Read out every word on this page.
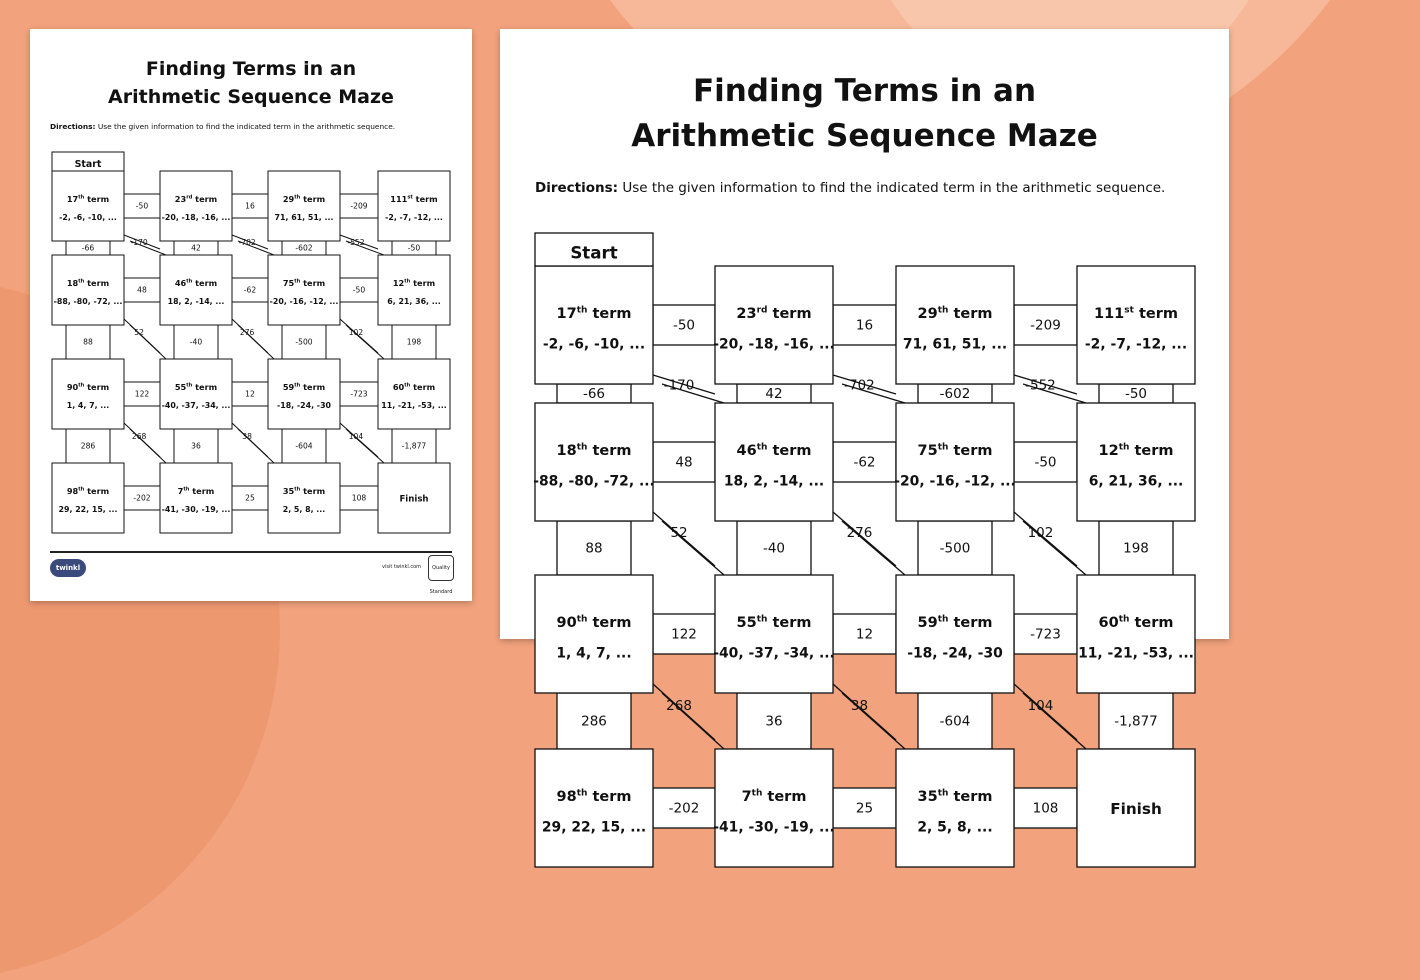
Finding Terms in an
Arithmetic Sequence Maze
Directions: Use the given information to find the indicated term in the arithmetic sequence.
17th term
-2, -6, -10, ...
23rd term
-20, -18, -16, ...
29th term
71, 61, 51, ...
111st term
-2, -7, -12, ...
18th term
-88, -80, -72, ...
46th term
18, 2, -14, ...
75th term
-20, -16, -12, ...
12th term
6, 21, 36, ...
90th term
1, 4, 7, ...
55th term
-40, -37, -34, ...
59th term
-18, -24, -30
60th term
11, -21, -53, ...
98th term
29, 22, 15, ...
7th term
-41, -30, -19, ...
35th term
2, 5, 8, ...
Finish
Start
-50	16	-209
48	-62	-50
122	12	-723
-202	25	108
-66	42	-602	-50
88	-40	-500	198
286	36	-604	-1,877
-170	-702	-552
52	276	102
268	38	104
twinkl	visit twinkl.com	Quality Standard
Finding Terms in an
Arithmetic Sequence Maze
Directions: Use the given information to find the indicated term in the arithmetic sequence.
17th term
-2, -6, -10, ...
23rd term
-20, -18, -16, ...
29th term
71, 61, 51, ...
111st term
-2, -7, -12, ...
18th term
-88, -80, -72, ...
46th term
18, 2, -14, ...
75th term
-20, -16, -12, ...
12th term
6, 21, 36, ...
90th term
1, 4, 7, ...
55th term
-40, -37, -34, ...
59th term
-18, -24, -30
60th term
11, -21, -53, ...
98th term
29, 22, 15, ...
7th term
-41, -30, -19, ...
35th term
2, 5, 8, ...
Finish
Start
-50	16	-209
48	-62	-50
122	12	-723
-202	25	108
-66	42	-602	-50
88	-40	-500	198
286	36	-604	-1,877
-170	-702	-552
52	276	102
268	38	104
